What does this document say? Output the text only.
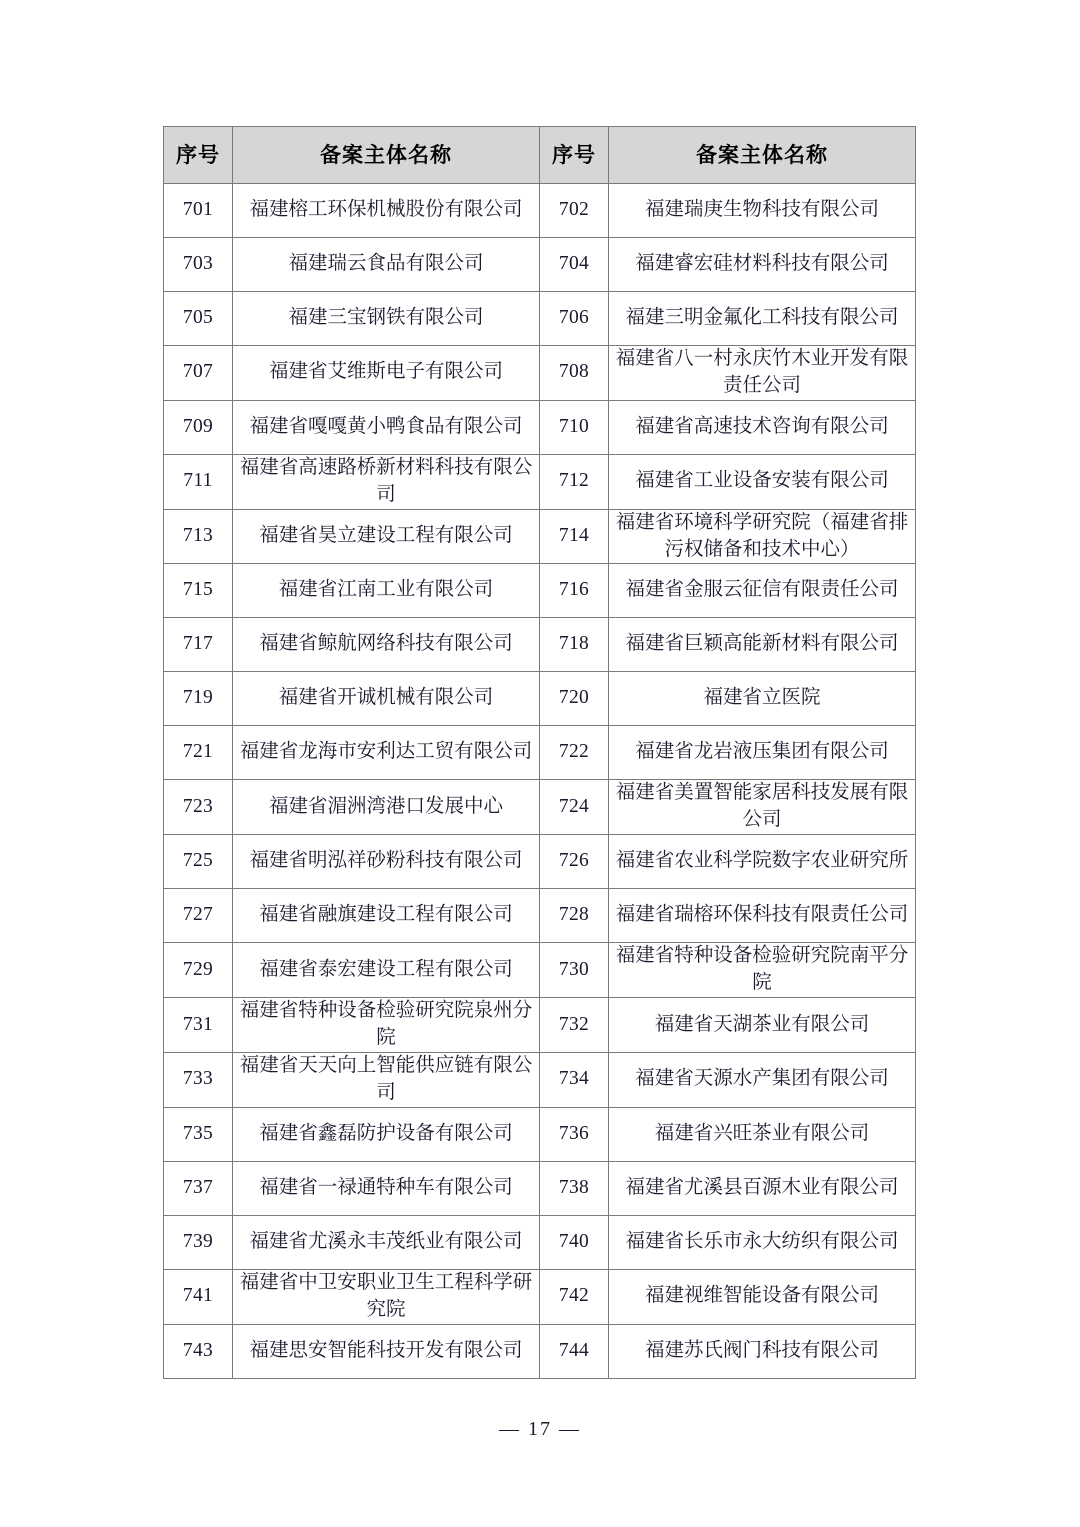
序号	备案主体名称	序号	备案主体名称
701	福建榕工环保机械股份有限公司	702	福建瑞庚生物科技有限公司
703	福建瑞云食品有限公司	704	福建睿宏硅材料科技有限公司
705	福建三宝钢铁有限公司	706	福建三明金氟化工科技有限公司
707	福建省艾维斯电子有限公司	708	福建省八一村永庆竹木业开发有限责任公司
709	福建省嘎嘎黄小鸭食品有限公司	710	福建省高速技术咨询有限公司
711	福建省高速路桥新材料科技有限公司	712	福建省工业设备安装有限公司
713	福建省昊立建设工程有限公司	714	福建省环境科学研究院（福建省排污权储备和技术中心）
715	福建省江南工业有限公司	716	福建省金服云征信有限责任公司
717	福建省鲸航网络科技有限公司	718	福建省巨颖高能新材料有限公司
719	福建省开诚机械有限公司	720	福建省立医院
721	福建省龙海市安利达工贸有限公司	722	福建省龙岩液压集团有限公司
723	福建省湄洲湾港口发展中心	724	福建省美置智能家居科技发展有限公司
725	福建省明泓祥砂粉科技有限公司	726	福建省农业科学院数字农业研究所
727	福建省融旗建设工程有限公司	728	福建省瑞榕环保科技有限责任公司
729	福建省泰宏建设工程有限公司	730	福建省特种设备检验研究院南平分院
731	福建省特种设备检验研究院泉州分院	732	福建省天湖茶业有限公司
733	福建省天天向上智能供应链有限公司	734	福建省天源水产集团有限公司
735	福建省鑫磊防护设备有限公司	736	福建省兴旺茶业有限公司
737	福建省一禄通特种车有限公司	738	福建省尤溪县百源木业有限公司
739	福建省尤溪永丰茂纸业有限公司	740	福建省长乐市永大纺织有限公司
741	福建省中卫安职业卫生工程科学研究院	742	福建视维智能设备有限公司
743	福建思安智能科技开发有限公司	744	福建苏氏阀门科技有限公司
— 17 —
